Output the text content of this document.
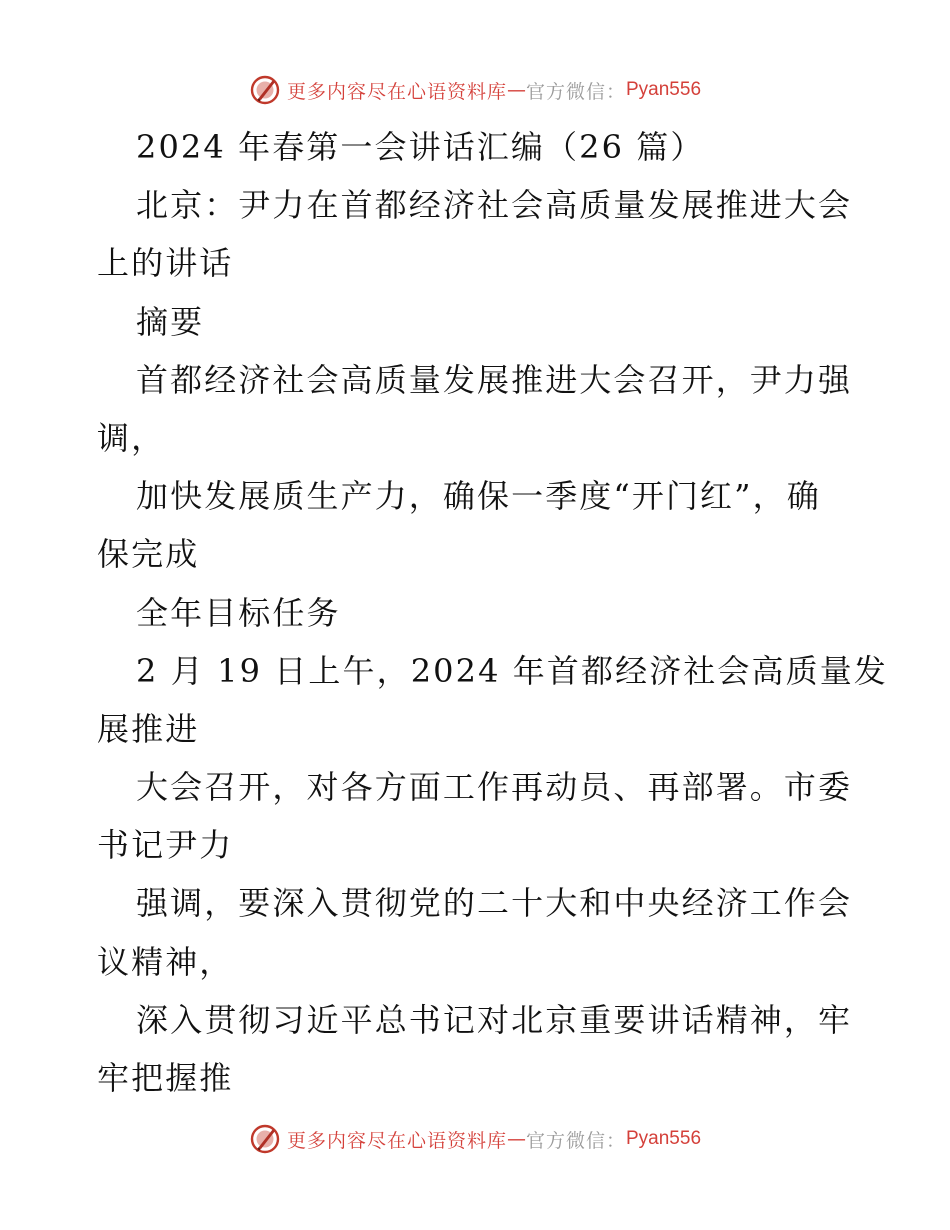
更多内容尽在心语资料库 — 官方微信： Pyan556
2024 年春第一会讲话汇编（26 篇）
北京：尹力在首都经济社会高质量发展推进大会
上的讲话
摘要
首都经济社会高质量发展推进大会召开，尹力强
调，
加快发展质生产力，确保一季度“开门红”，确
保完成
全年目标任务
2 月 19 日上午，2024 年首都经济社会高质量发
展推进
大会召开，对各方面工作再动员、再部署。市委
书记尹力
强调，要深入贯彻党的二十大和中央经济工作会
议精神，
深入贯彻习近平总书记对北京重要讲话精神，牢
牢把握推
更多内容尽在心语资料库 — 官方微信： Pyan556
